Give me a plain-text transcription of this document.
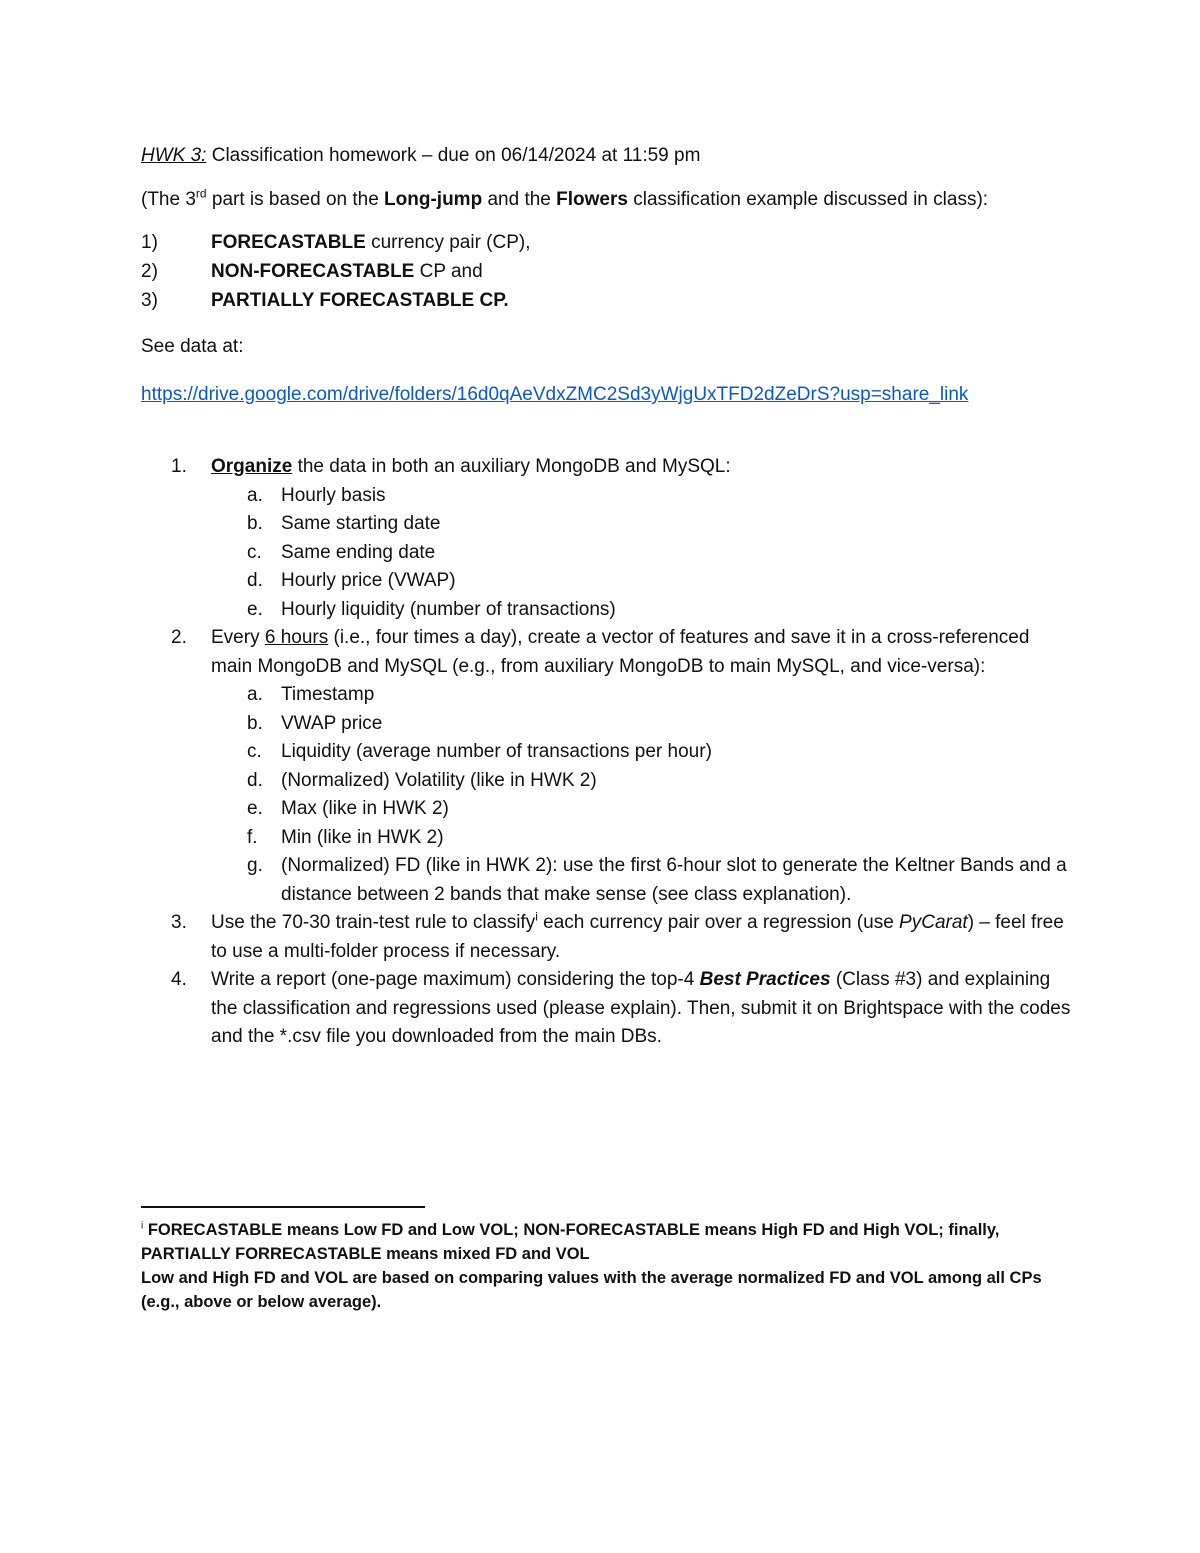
HWK 3: Classification homework – due on 06/14/2024 at 11:59 pm

(The 3rd part is based on the Long-jump and the Flowers classification example discussed in class):

1)	FORECASTABLE currency pair (CP),
2)	NON-FORECASTABLE CP and
3)	PARTIALLY FORECASTABLE CP.

See data at:

https://drive.google.com/drive/folders/16d0qAeVdxZMC2Sd3yWjgUxTFD2dZeDrS?usp=share_link

1. Organize the data in both an auxiliary MongoDB and MySQL:
a. Hourly basis
b. Same starting date
c. Same ending date
d. Hourly price (VWAP)
e. Hourly liquidity (number of transactions)
2. Every 6 hours (i.e., four times a day), create a vector of features and save it in a cross-referenced main MongoDB and MySQL (e.g., from auxiliary MongoDB to main MySQL, and vice-versa):
a. Timestamp
b. VWAP price
c. Liquidity (average number of transactions per hour)
d. (Normalized) Volatility (like in HWK 2)
e. Max (like in HWK 2)
f. Min (like in HWK 2)
g. (Normalized) FD (like in HWK 2): use the first 6-hour slot to generate the Keltner Bands and a distance between 2 bands that make sense (see class explanation).
3. Use the 70-30 train-test rule to classify$^i$ each currency pair over a regression (use PyCarat) – feel free to use a multi-folder process if necessary.
4. Write a report (one-page maximum) considering the top-4 Best Practices (Class #3) and explaining the classification and regressions used (please explain). Then, submit it on Brightspace with the codes and the *.csv file you downloaded from the main DBs.
$^i$ FORECASTABLE means Low FD and Low VOL; NON-FORECASTABLE means High FD and High VOL; finally, PARTIALLY FORRECASTABLE means mixed FD and VOL
Low and High FD and VOL are based on comparing values with the average normalized FD and VOL among all CPs (e.g., above or below average).
